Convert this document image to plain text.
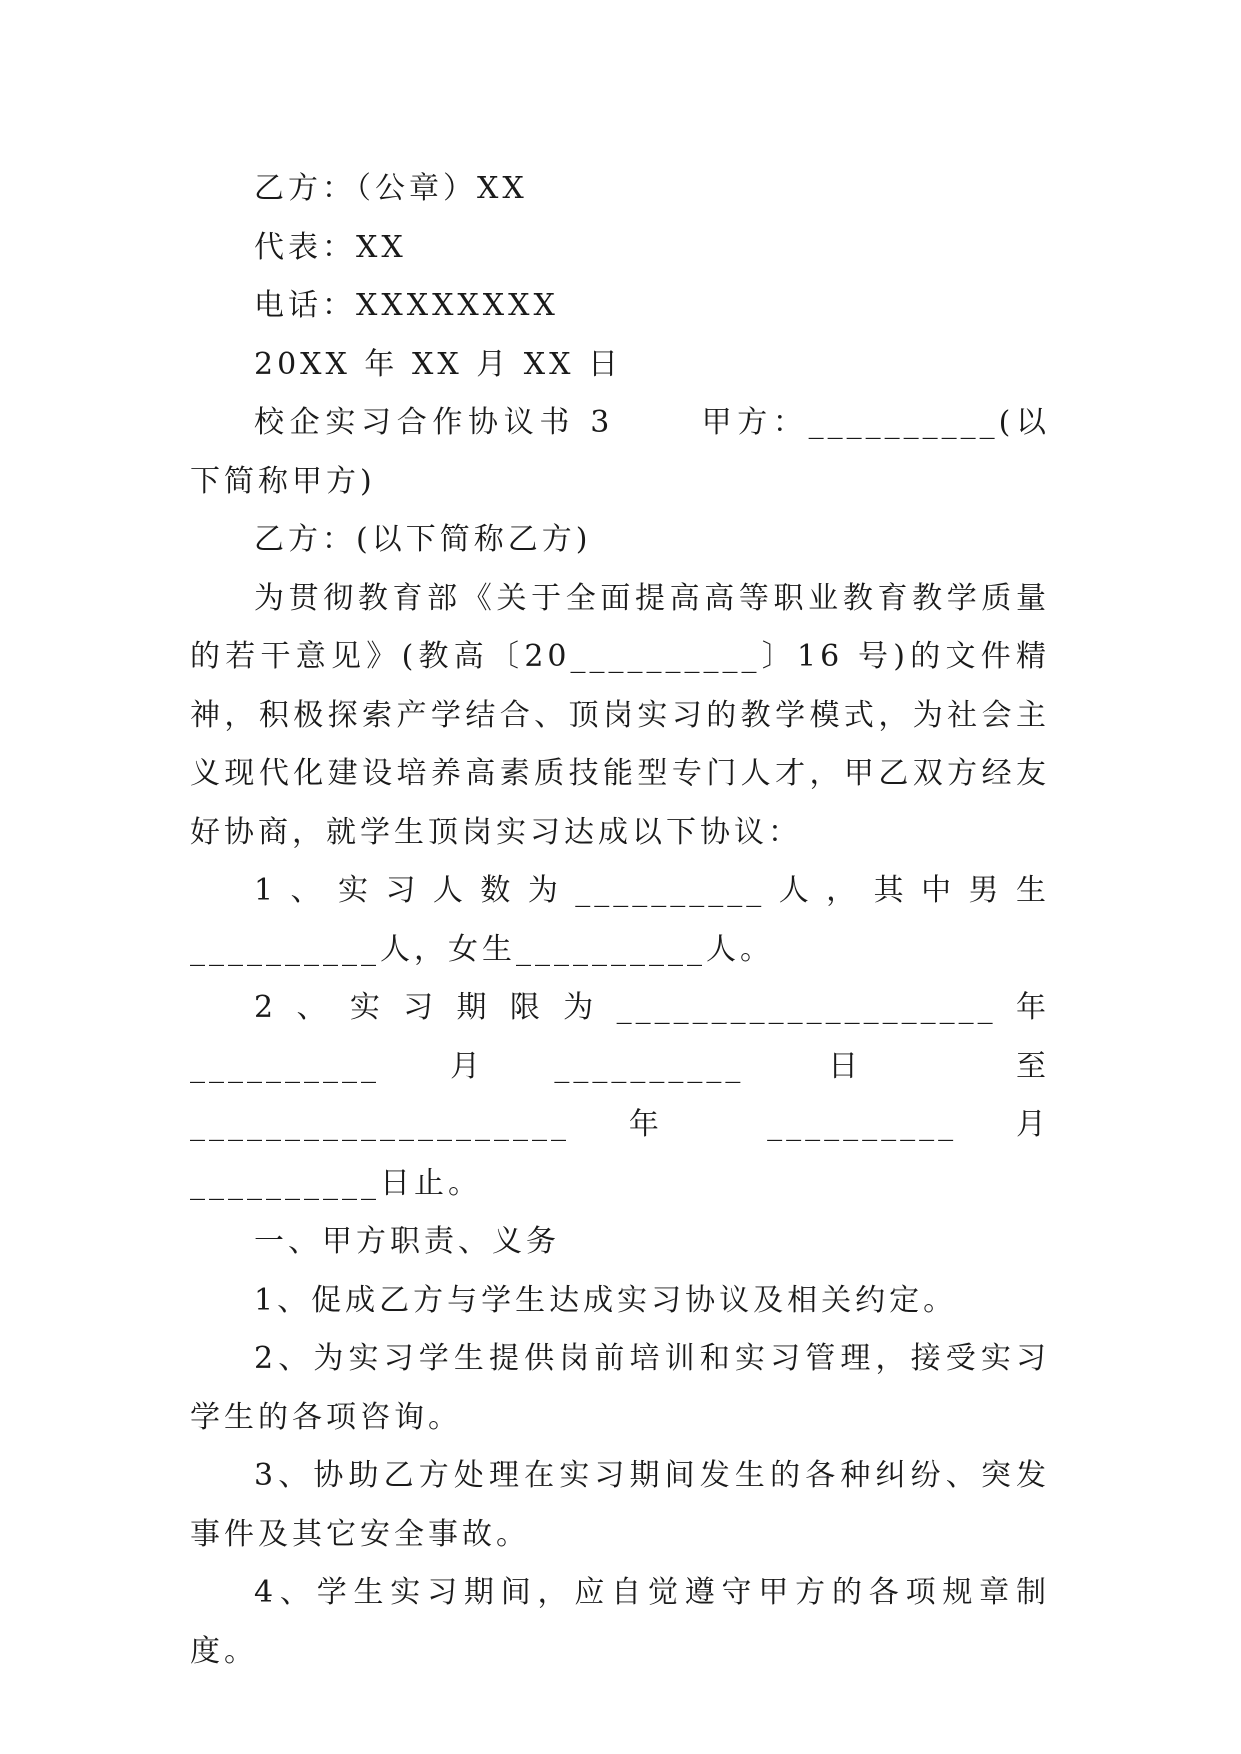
乙方：（公章）XX
代表：XX
电话：XXXXXXXX
20XX 年 XX 月 XX 日
校企实习合作协议书 3　　 甲方：__________(以下简称甲方)
乙方：(以下简称乙方)
为贯彻教育部《关于全面提高高等职业教育教学质量的若干意见》(教高〔20__________〕16 号)的文件精神，积极探索产学结合、顶岗实习的教学模式，为社会主义现代化建设培养高素质技能型专门人才，甲乙双方经友好协商，就学生顶岗实习达成以下协议：
1、实习人数为__________人，其中男生__________人，女生__________人。
2、实习期限为____________________年__________月__________ 日 至 ____________________ 年 __________ 月__________日止。
一、甲方职责、义务
1、促成乙方与学生达成实习协议及相关约定。
2、为实习学生提供岗前培训和实习管理，接受实习学生的各项咨询。
3、协助乙方处理在实习期间发生的各种纠纷、突发事件及其它安全事故。
4、学生实习期间，应自觉遵守甲方的各项规章制度。
